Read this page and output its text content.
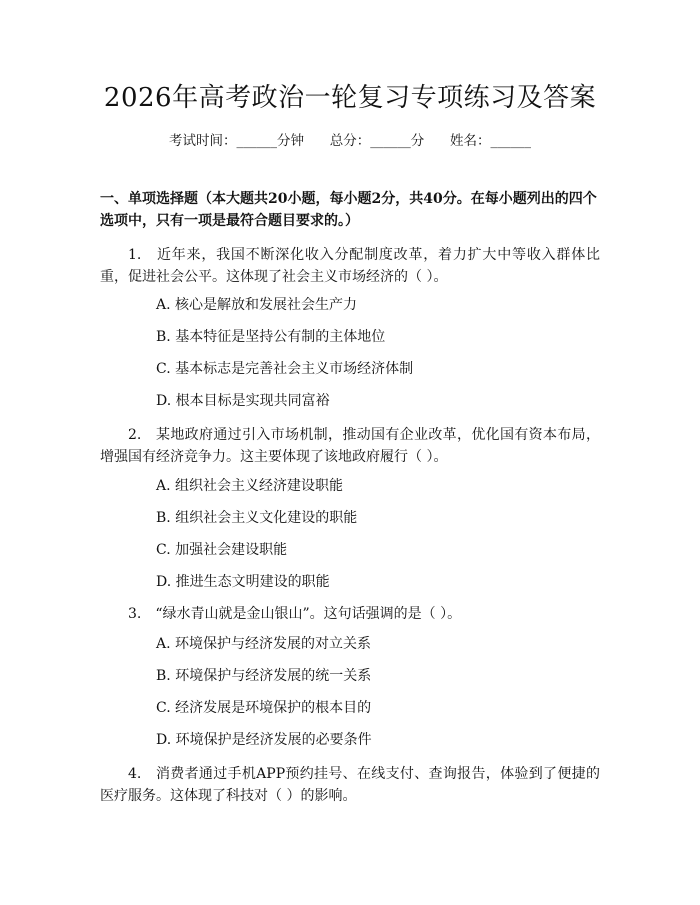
2026年高考政治一轮复习专项练习及答案
考试时间：______分钟      总分：______分      姓名：______

一、单项选择题（本大题共20小题，每小题2分，共40分。在每小题列出的四个选项中，只有一项是最符合题目要求的。）

1.　近年来，我国不断深化收入分配制度改革，着力扩大中等收入群体比重，促进社会公平。这体现了社会主义市场经济的（ ）。

A. 核心是解放和发展社会生产力

B. 基本特征是坚持公有制的主体地位

C. 基本标志是完善社会主义市场经济体制

D. 根本目标是实现共同富裕

2.　某地政府通过引入市场机制，推动国有企业改革，优化国有资本布局，增强国有经济竞争力。这主要体现了该地政府履行（ ）。

A. 组织社会主义经济建设职能

B. 组织社会主义文化建设的职能

C. 加强社会建设职能

D. 推进生态文明建设的职能

3.　“绿水青山就是金山银山”。这句话强调的是（ ）。

A. 环境保护与经济发展的对立关系

B. 环境保护与经济发展的统一关系

C. 经济发展是环境保护的根本目的

D. 环境保护是经济发展的必要条件

4.　消费者通过手机APP预约挂号、在线支付、查询报告，体验到了便捷的医疗服务。这体现了科技对（ ）的影响。
